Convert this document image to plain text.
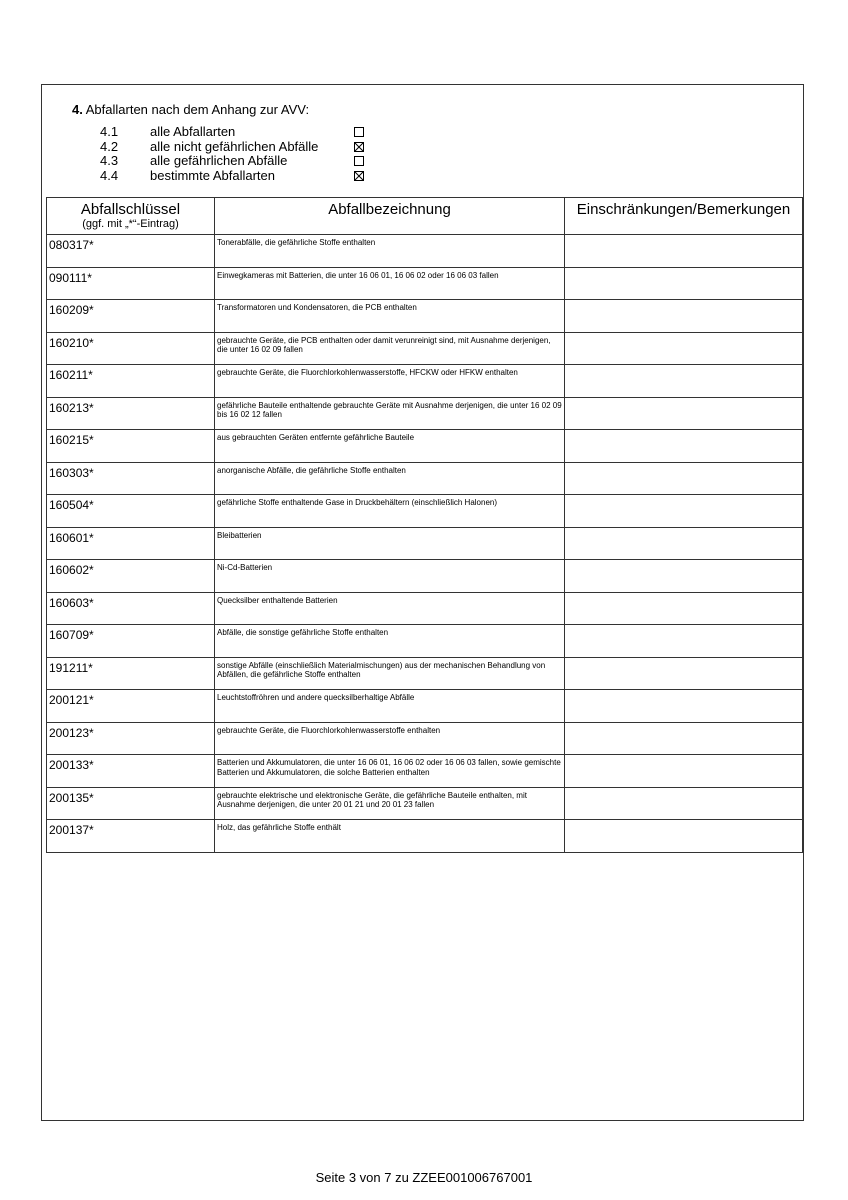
4. Abfallarten nach dem Anhang zur AVV:
4.1	alle Abfallarten
4.2	alle nicht gefährlichen Abfälle
4.3	alle gefährlichen Abfälle
4.4	bestimmte Abfallarten
Abfallschlüssel
(ggf. mit „*“-Eintrag)	Abfallbezeichnung	Einschränkungen/Bemerkungen

080317*	Tonerabfälle, die gefährliche Stoffe enthalten	
090111*	Einwegkameras mit Batterien, die unter 16 06 01, 16 06 02 oder 16 06 03 fallen	
160209*	Transformatoren und Kondensatoren, die PCB enthalten	
160210*	gebrauchte Geräte, die PCB enthalten oder damit verunreinigt sind, mit Ausnahme derjenigen, die unter 16 02 09 fallen	
160211*	gebrauchte Geräte, die Fluorchlorkohlenwasserstoffe, HFCKW oder HFKW enthalten	
160213*	gefährliche Bauteile enthaltende gebrauchte Geräte mit Ausnahme derjenigen, die unter 16 02 09 bis 16 02 12 fallen	
160215*	aus gebrauchten Geräten entfernte gefährliche Bauteile	
160303*	anorganische Abfälle, die gefährliche Stoffe enthalten	
160504*	gefährliche Stoffe enthaltende Gase in Druckbehältern (einschließlich Halonen)	
160601*	Bleibatterien	
160602*	Ni-Cd-Batterien	
160603*	Quecksilber enthaltende Batterien	
160709*	Abfälle, die sonstige gefährliche Stoffe enthalten	
191211*	sonstige Abfälle (einschließlich Materialmischungen) aus der mechanischen Behandlung von Abfällen, die gefährliche Stoffe enthalten	
200121*	Leuchtstoffröhren und andere quecksilberhaltige Abfälle	
200123*	gebrauchte Geräte, die Fluorchlorkohlenwasserstoffe enthalten	
200133*	Batterien und Akkumulatoren, die unter 16 06 01, 16 06 02 oder 16 06 03 fallen, sowie gemischte Batterien und Akkumulatoren, die solche Batterien enthalten	
200135*	gebrauchte elektrische und elektronische Geräte, die gefährliche Bauteile enthalten, mit Ausnahme derjenigen, die unter 20 01 21 und 20 01 23 fallen	
200137*	Holz, das gefährliche Stoffe enthält	
Seite 3 von 7 zu ZZEE001006767001
